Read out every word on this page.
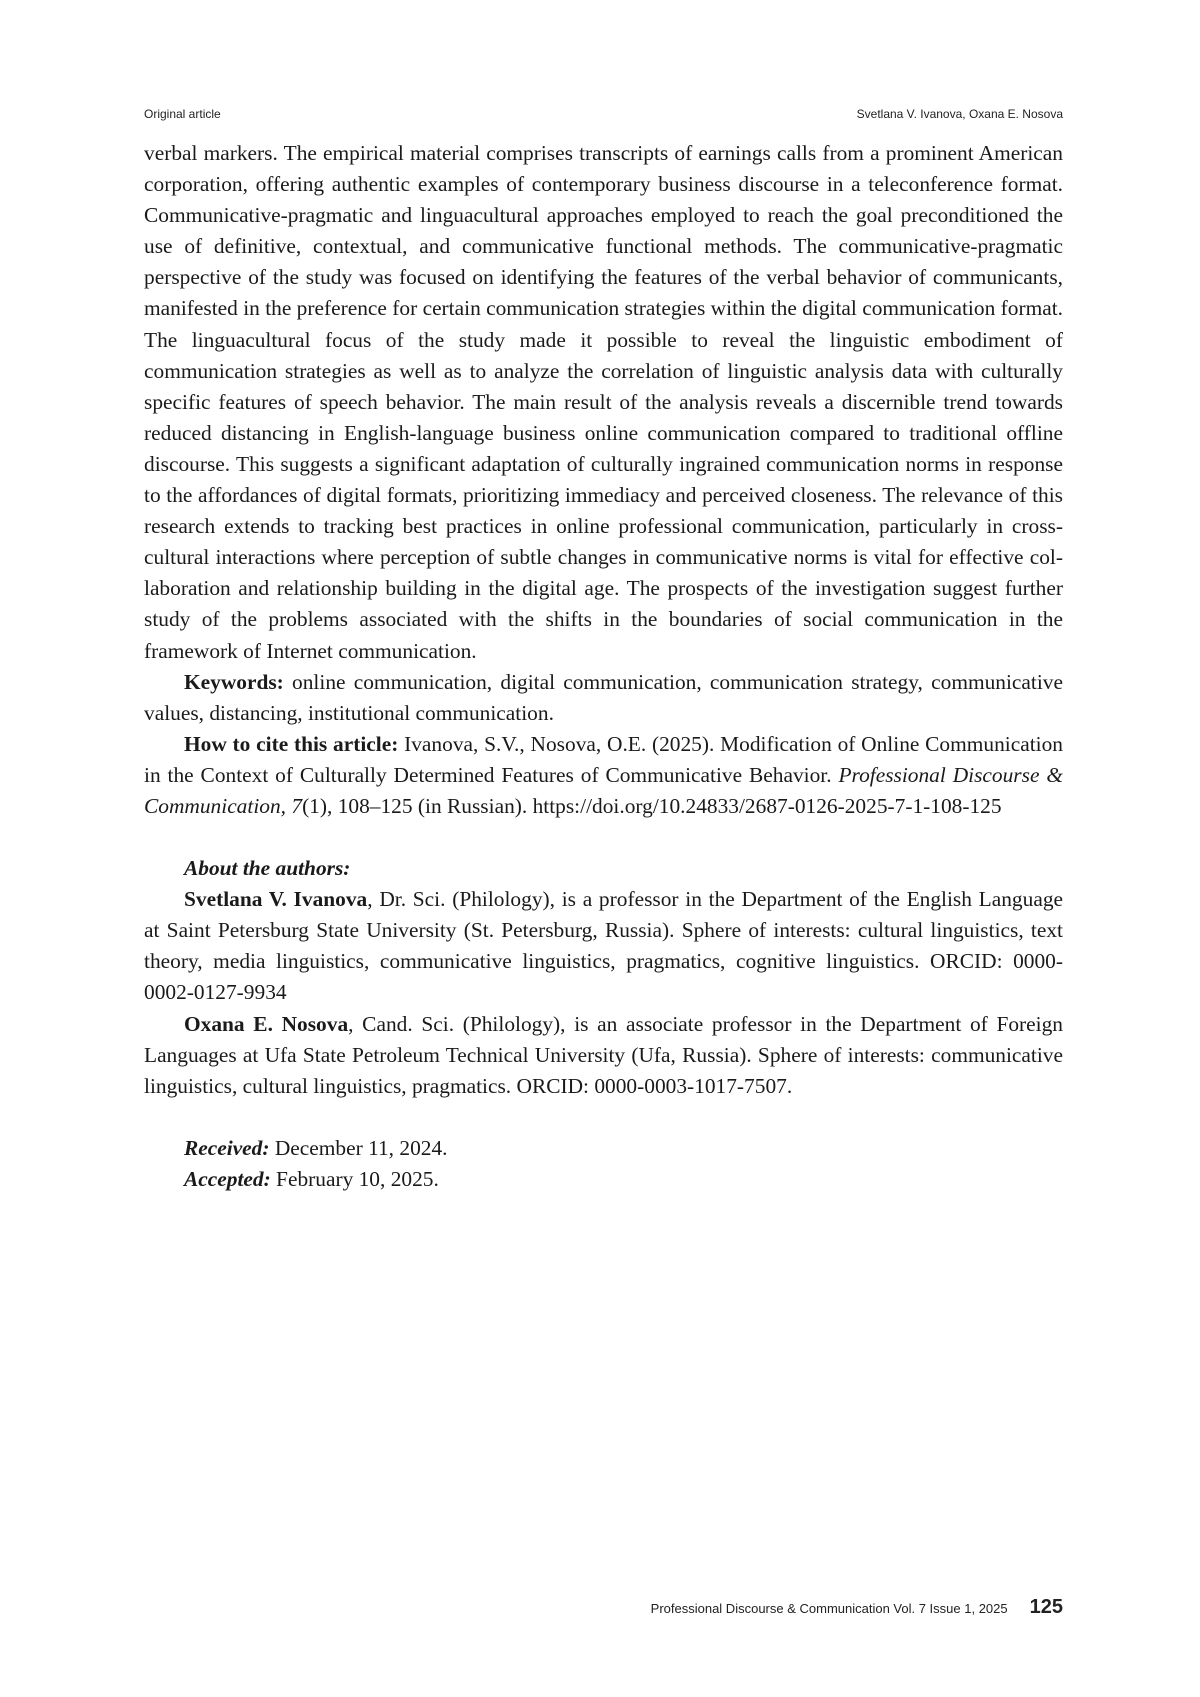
Original article	Svetlana V. Ivanova, Oxana E. Nosova

verbal markers. The empirical material comprises transcripts of earnings calls from a prominent American corporation, offering authentic examples of contemporary business discourse in a teleconference format. Communicative-pragmatic and linguacultural approaches employed to reach the goal preconditioned the use of definitive, contextual, and communicative functional methods. The communicative-pragmatic perspective of the study was focused on identifying the features of the verbal behavior of communicants, manifested in the preference for certain communication strategies within the digital communication format. The linguacultural focus of the study made it possible to reveal the linguistic embodiment of communication strategies as well as to analyze the correlation of linguistic analysis data with culturally specific features of speech behavior. The main result of the analysis reveals a discernible trend towards reduced distancing in English-language business online communication compared to traditional offline discourse. This suggests a significant adaptation of culturally ingrained communication norms in response to the affordances of digital formats, prioritizing immediacy and perceived closeness. The relevance of this research extends to tracking best practices in online professional communication, particularly in cross-cultural interactions where perception of subtle changes in communicative norms is vital for effective collaboration and relationship building in the digital age. The prospects of the investigation suggest further study of the problems associated with the shifts in the boundaries of social communication in the framework of Internet communication.

Keywords: online communication, digital communication, communication strategy, communicative values, distancing, institutional communication.

How to cite this article: Ivanova, S.V., Nosova, O.E. (2025). Modification of Online Communication in the Context of Culturally Determined Features of Communicative Behavior. Professional Discourse & Communication, 7(1), 108–125 (in Russian). https://doi.org/10.24833/2687-0126-2025-7-1-108-125

About the authors:

Svetlana V. Ivanova, Dr. Sci. (Philology), is a professor in the Department of the English Language at Saint Petersburg State University (St. Petersburg, Russia). Sphere of interests: cultural linguistics, text theory, media linguistics, communicative linguistics, pragmatics, cognitive linguistics. ORCID: 0000-0002-0127-9934

Oxana E. Nosova, Cand. Sci. (Philology), is an associate professor in the Department of Foreign Languages at Ufa State Petroleum Technical University (Ufa, Russia). Sphere of interests: communicative linguistics, cultural linguistics, pragmatics. ORCID: 0000-0003-1017-7507.

Received: December 11, 2024.

Accepted: February 10, 2025.

Professional Discourse & Communication Vol. 7 Issue 1, 2025 125
